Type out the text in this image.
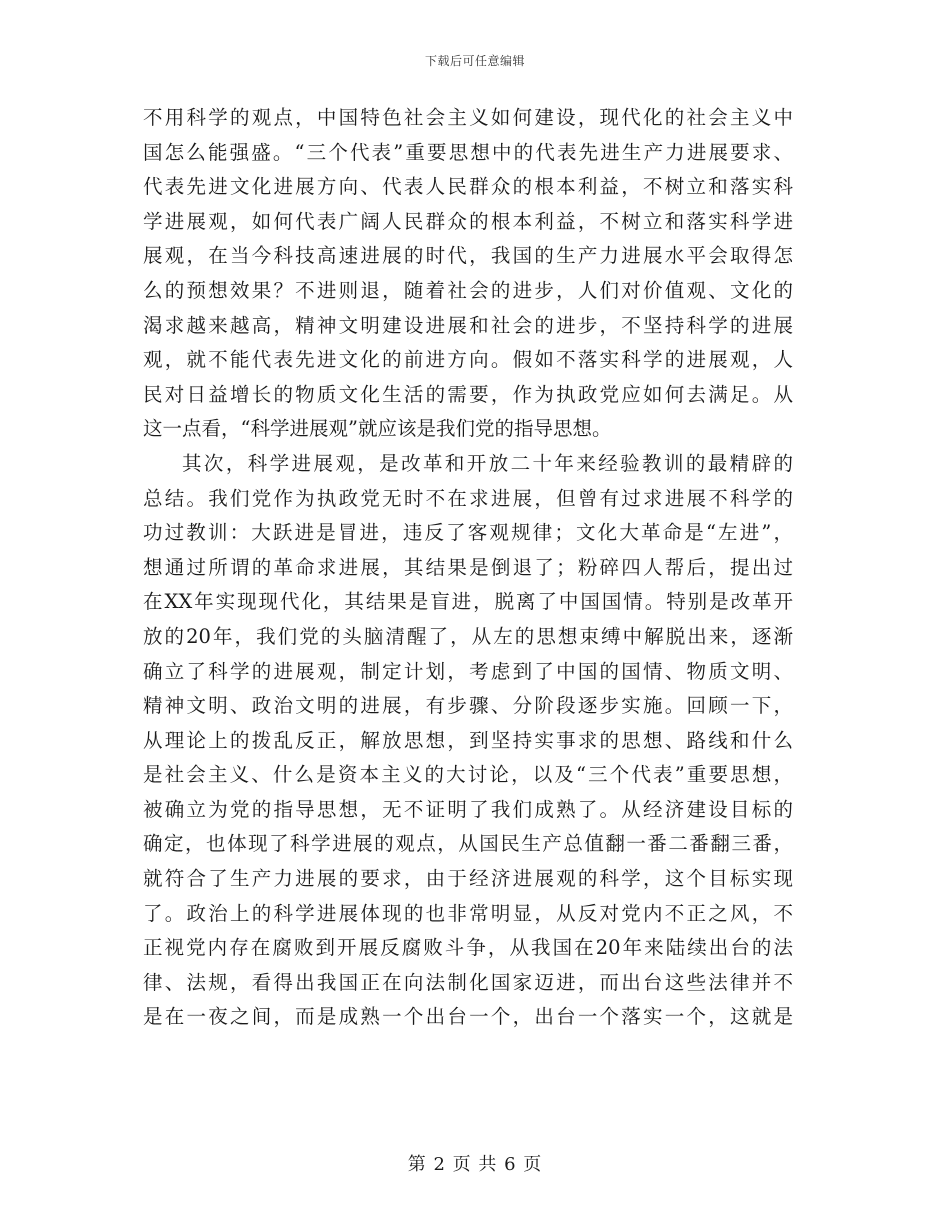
下载后可任意编辑
不用科学的观点，中国特色社会主义如何建设，现代化的社会主义中
国怎么能强盛。“三个代表”重要思想中的代表先进生产力进展要求、
代表先进文化进展方向、代表人民群众的根本利益，不树立和落实科
学进展观，如何代表广阔人民群众的根本利益，不树立和落实科学进
展观，在当今科技高速进展的时代，我国的生产力进展水平会取得怎
么的预想效果？不进则退，随着社会的进步，人们对价值观、文化的
渴求越来越高，精神文明建设进展和社会的进步，不坚持科学的进展
观，就不能代表先进文化的前进方向。假如不落实科学的进展观，人
民对日益增长的物质文化生活的需要，作为执政党应如何去满足。从
这一点看，“科学进展观”就应该是我们党的指导思想。
其次，科学进展观，是改革和开放二十年来经验教训的最精辟的
总结。我们党作为执政党无时不在求进展，但曾有过求进展不科学的
功过教训：大跃进是冒进，违反了客观规律；文化大革命是“左进”，
想通过所谓的革命求进展，其结果是倒退了；粉碎四人帮后，提出过
在XX年实现现代化，其结果是盲进，脱离了中国国情。特别是改革开
放的20年，我们党的头脑清醒了，从左的思想束缚中解脱出来，逐渐
确立了科学的进展观，制定计划，考虑到了中国的国情、物质文明、
精神文明、政治文明的进展，有步骤、分阶段逐步实施。回顾一下，
从理论上的拨乱反正，解放思想，到坚持实事求的思想、路线和什么
是社会主义、什么是资本主义的大讨论，以及“三个代表”重要思想，
被确立为党的指导思想，无不证明了我们成熟了。从经济建设目标的
确定，也体现了科学进展的观点，从国民生产总值翻一番二番翻三番，
就符合了生产力进展的要求，由于经济进展观的科学，这个目标实现
了。政治上的科学进展体现的也非常明显，从反对党内不正之风，不
正视党内存在腐败到开展反腐败斗争，从我国在20年来陆续出台的法
律、法规，看得出我国正在向法制化国家迈进，而出台这些法律并不
是在一夜之间，而是成熟一个出台一个，出台一个落实一个，这就是
第 2 页 共 6 页
